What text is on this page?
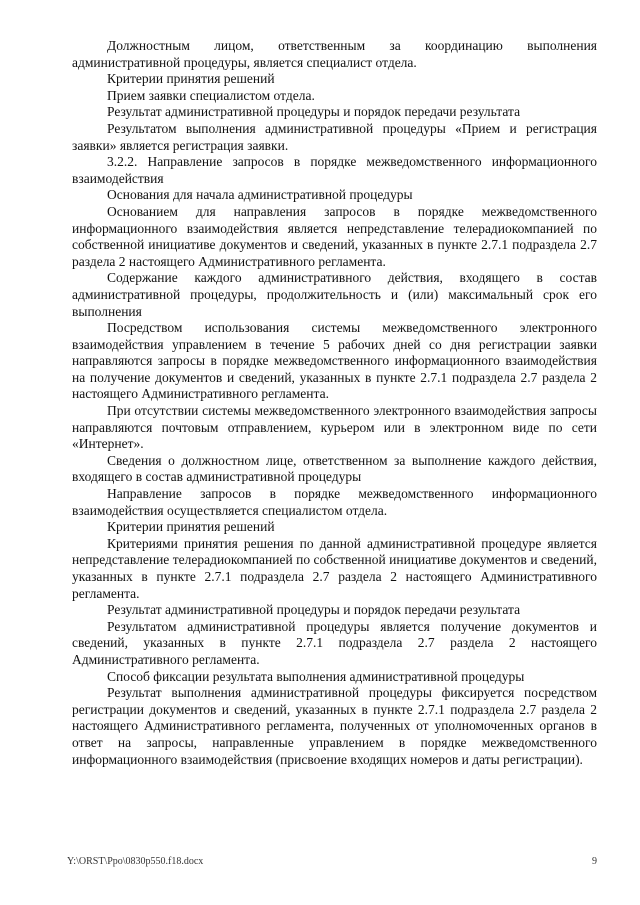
Должностным лицом, ответственным за координацию выполнения административной процедуры, является специалист отдела.

Критерии принятия решений

Прием заявки специалистом отдела.

Результат административной процедуры и порядок передачи результата

Результатом выполнения административной процедуры «Прием и регистрация заявки» является регистрация заявки.

3.2.2. Направление запросов в порядке межведомственного информационного взаимодействия

Основания для начала административной процедуры

Основанием для направления запросов в порядке межведомственного информационного взаимодействия является непредставление телерадиокомпанией по собственной инициативе документов и сведений, указанных в пункте 2.7.1 подраздела 2.7 раздела 2 настоящего Административного регламента.

Содержание каждого административного действия, входящего в состав административной процедуры, продолжительность и (или) максимальный срок его выполнения

Посредством использования системы межведомственного электронного взаимодействия управлением в течение 5 рабочих дней со дня регистрации заявки направляются запросы в порядке межведомственного информационного взаимодействия на получение документов и сведений, указанных в пункте 2.7.1 подраздела 2.7 раздела 2 настоящего Административного регламента.

При отсутствии системы межведомственного электронного взаимодействия запросы направляются почтовым отправлением, курьером или в электронном виде по сети «Интернет».

Сведения о должностном лице, ответственном за выполнение каждого действия, входящего в состав административной процедуры

Направление запросов в порядке межведомственного информационного взаимодействия осуществляется специалистом отдела.

Критерии принятия решений

Критериями принятия решения по данной административной процедуре является непредставление телерадиокомпанией по собственной инициативе документов и сведений, указанных в пункте 2.7.1 подраздела 2.7 раздела 2 настоящего Административного регламента.

Результат административной процедуры и порядок передачи результата

Результатом административной процедуры является получение документов и сведений, указанных в пункте 2.7.1 подраздела 2.7 раздела 2 настоящего Административного регламента.

Способ фиксации результата выполнения административной процедуры

Результат выполнения административной процедуры фиксируется посредством регистрации документов и сведений, указанных в пункте 2.7.1 подраздела 2.7 раздела 2 настоящего Административного регламента, полученных от уполномоченных органов в ответ на запросы, направленные управлением в порядке межведомственного информационного взаимодействия (присвоение входящих номеров и даты регистрации).

Y:\ORST\Ppo\0830p550.f18.docx	9
